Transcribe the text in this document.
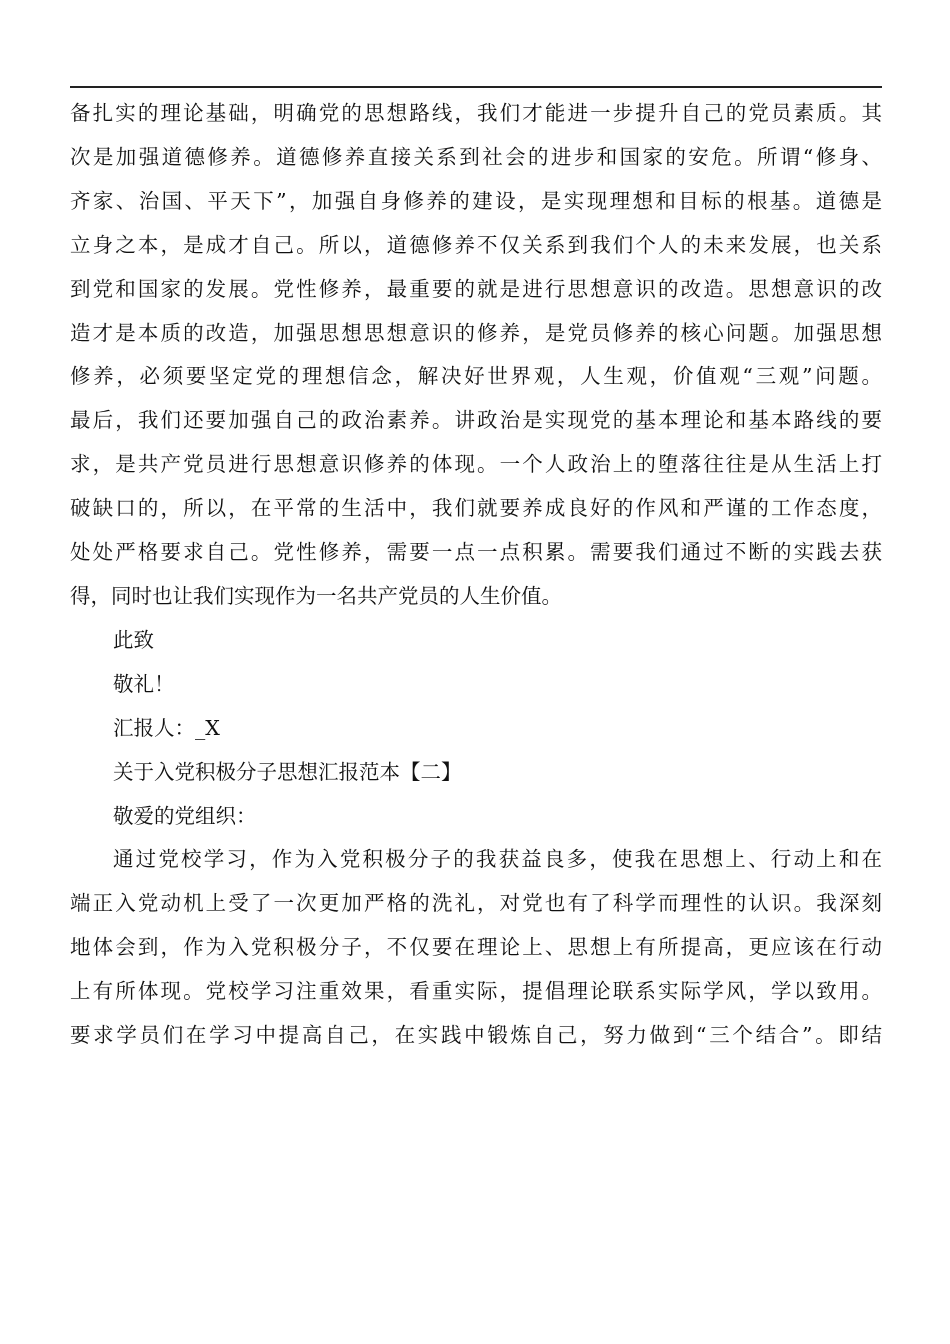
备扎实的理论基础，明确党的思想路线，我们才能进一步提升自己的党员素质。其
次是加强道德修养。道德修养直接关系到社会的进步和国家的安危。所谓“修身、
齐家、治国、平天下”，加强自身修养的建设，是实现理想和目标的根基。道德是
立身之本，是成才自己。所以，道德修养不仅关系到我们个人的未来发展，也关系
到党和国家的发展。党性修养，最重要的就是进行思想意识的改造。思想意识的改
造才是本质的改造，加强思想思想意识的修养，是党员修养的核心问题。加强思想
修养，必须要坚定党的理想信念，解决好世界观，人生观，价值观“三观”问题。
最后，我们还要加强自己的政治素养。讲政治是实现党的基本理论和基本路线的要
求，是共产党员进行思想意识修养的体现。一个人政治上的堕落往往是从生活上打
破缺口的，所以，在平常的生活中，我们就要养成良好的作风和严谨的工作态度，
处处严格要求自己。党性修养，需要一点一点积累。需要我们通过不断的实践去获
得，同时也让我们实现作为一名共产党员的人生价值。
此致
敬礼！
汇报人：_X
关于入党积极分子思想汇报范本【二】
敬爱的党组织：
通过党校学习，作为入党积极分子的我获益良多，使我在思想上、行动上和在
端正入党动机上受了一次更加严格的洗礼，对党也有了科学而理性的认识。我深刻
地体会到，作为入党积极分子，不仅要在理论上、思想上有所提高，更应该在行动
上有所体现。党校学习注重效果，看重实际，提倡理论联系实际学风，学以致用。
要求学员们在学习中提高自己，在实践中锻炼自己，努力做到“三个结合”。即结
